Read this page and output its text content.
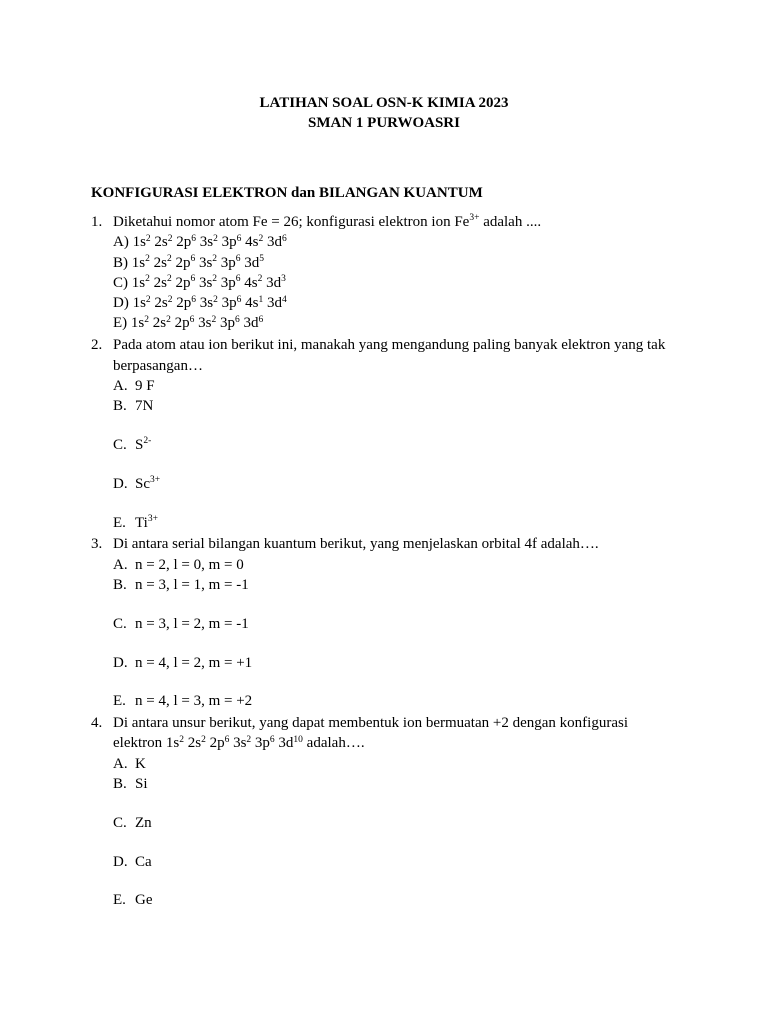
LATIHAN SOAL OSN-K KIMIA 2023
SMAN 1 PURWOASRI
KONFIGURASI ELEKTRON dan BILANGAN KUANTUM
1. Diketahui nomor atom Fe = 26; konfigurasi elektron ion $Fe^{3+}$ adalah ....
A) $1s^2$ $2s^2$ $2p^6$ $3s^2$ $3p^6$ $4s^2$ $3d^6$
B) $1s^2$ $2s^2$ $2p^6$ $3s^2$ $3p^6$ $3d^5$
C) $1s^2$ $2s^2$ $2p^6$ $3s^2$ $3p^6$ $4s^2$ $3d^3$
D) $1s^2$ $2s^2$ $2p^6$ $3s^2$ $3p^6$ $4s^1$ $3d^4$
E) $1s^2$ $2s^2$ $2p^6$ $3s^2$ $3p^6$ $3d^6$
2. Pada atom atau ion berikut ini, manakah yang mengandung paling banyak elektron yang tak berpasangan…
A. 9 F
B. 7N
C. $S^{2-}$
D. $Sc^{3+}$
E. $Ti^{3+}$
3. Di antara serial bilangan kuantum berikut, yang menjelaskan orbital 4f adalah….
A. n = 2, l = 0, m = 0
B. n = 3, l = 1, m = -1
C. n = 3, l = 2, m = -1
D. n = 4, l = 2, m = +1
E. n = 4, l = 3, m = +2
4. Di antara unsur berikut, yang dapat membentuk ion bermuatan +2 dengan konfigurasi elektron $1s^2$ $2s^2$ $2p^6$ $3s^2$ $3p^6$ $3d^{10}$ adalah….
A. K
B. Si
C. Zn
D. Ca
E. Ge
